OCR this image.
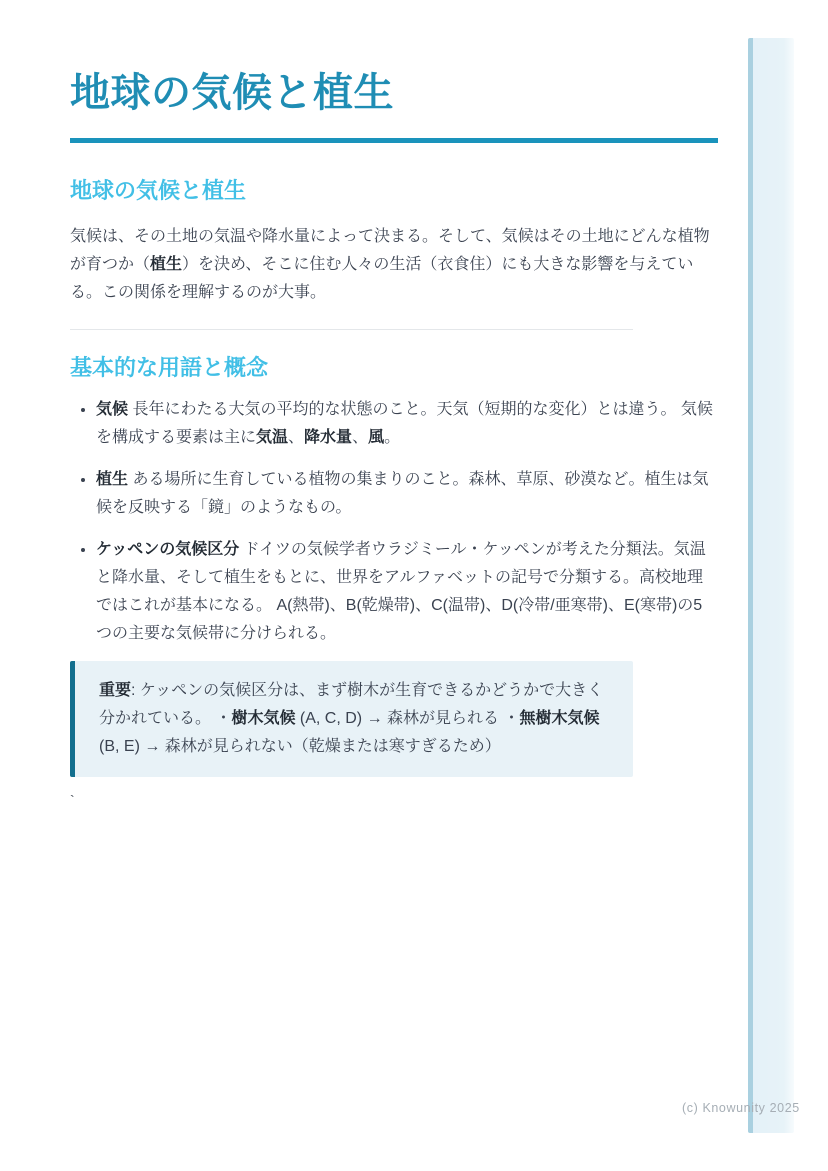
地球の気候と植生
地球の気候と植生

気候は、その土地の気温や降水量によって決まる。そして、気候はその土地にどんな植物が育つか（植生）を決め、そこに住む人々の生活（衣食住）にも大きな影響を与えている。この関係を理解するのが大事。

基本的な用語と概念
• 気候 長年にわたる大気の平均的な状態のこと。天気（短期的な変化）とは違う。 気候を構成する要素は主に気温、降水量、風。
• 植生 ある場所に生育している植物の集まりのこと。森林、草原、砂漠など。植生は気候を反映する「鏡」のようなもの。
• ケッペンの気候区分 ドイツの気候学者ウラジミール・ケッペンが考えた分類法。気温と降水量、そして植生をもとに、世界をアルファベットの記号で分類する。高校地理ではこれが基本になる。 A(熱帯)、B(乾燥帯)、C(温帯)、D(冷帯/亜寒帯)、E(寒帯)の5つの主要な気候帯に分けられる。

重要: ケッペンの気候区分は、まず樹木が生育できるかどうかで大きく分かれている。 ・樹木気候 (A, C, D) → 森林が見られる ・無樹木気候 (B, E) → 森林が見られない（乾燥または寒すぎるため）

`
(c) Knowunity 2025
